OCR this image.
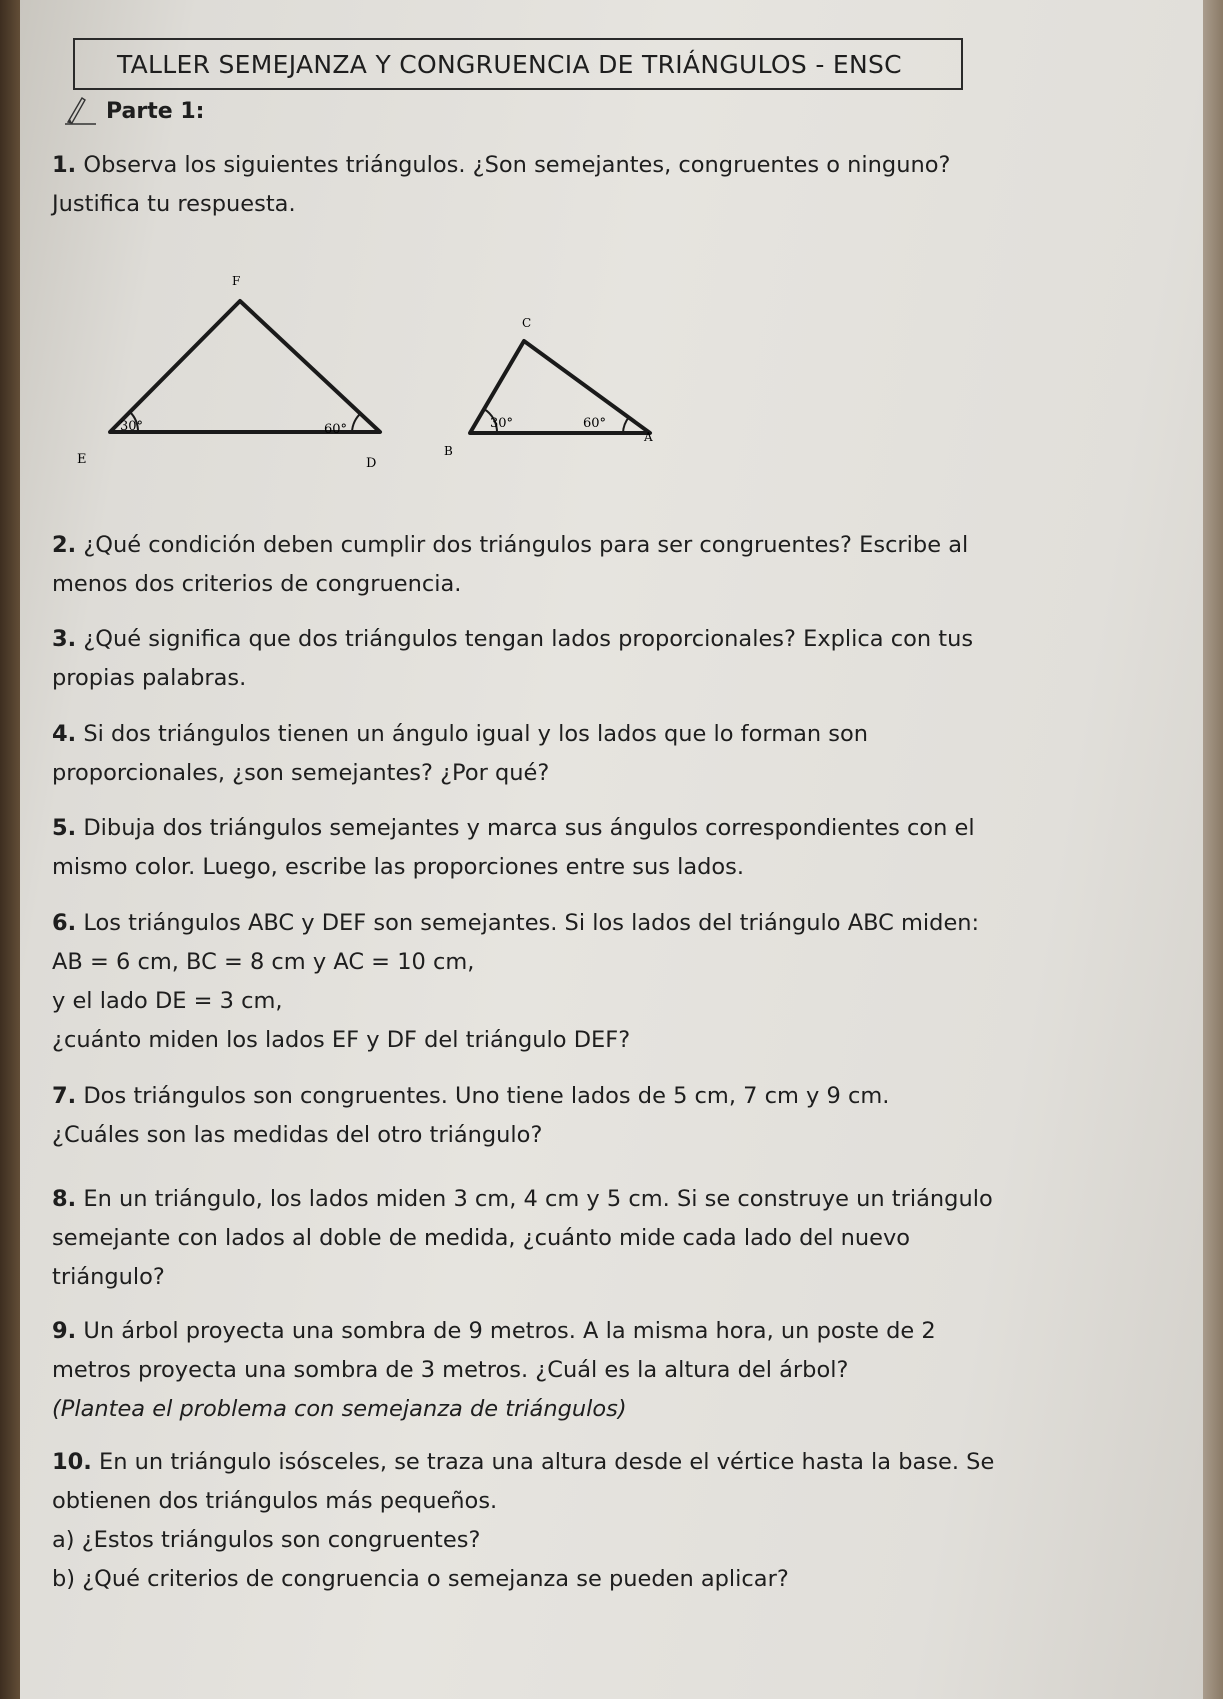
TALLER SEMEJANZA Y CONGRUENCIA DE TRIÁNGULOS - ENSC
Parte 1:
1. Observa los siguientes triángulos. ¿Son semejantes, congruentes o ninguno?
Justifica tu respuesta.
F
E	D
30°	60°
C
B
A
30°	60°
2. ¿Qué condición deben cumplir dos triángulos para ser congruentes? Escribe al
menos dos criterios de congruencia.
3. ¿Qué significa que dos triángulos tengan lados proporcionales? Explica con tus
propias palabras.
4. Si dos triángulos tienen un ángulo igual y los lados que lo forman son
proporcionales, ¿son semejantes? ¿Por qué?
5. Dibuja dos triángulos semejantes y marca sus ángulos correspondientes con el
mismo color. Luego, escribe las proporciones entre sus lados.
6. Los triángulos ABC y DEF son semejantes. Si los lados del triángulo ABC miden:
AB = 6 cm, BC = 8 cm y AC = 10 cm,
y el lado DE = 3 cm,
¿cuánto miden los lados EF y DF del triángulo DEF?
7. Dos triángulos son congruentes. Uno tiene lados de 5 cm, 7 cm y 9 cm.
¿Cuáles son las medidas del otro triángulo?
8. En un triángulo, los lados miden 3 cm, 4 cm y 5 cm. Si se construye un triángulo
semejante con lados al doble de medida, ¿cuánto mide cada lado del nuevo
triángulo?
9. Un árbol proyecta una sombra de 9 metros. A la misma hora, un poste de 2
metros proyecta una sombra de 3 metros. ¿Cuál es la altura del árbol?
(Plantea el problema con semejanza de triángulos)
10. En un triángulo isósceles, se traza una altura desde el vértice hasta la base. Se
obtienen dos triángulos más pequeños.
a) ¿Estos triángulos son congruentes?
b) ¿Qué criterios de congruencia o semejanza se pueden aplicar?
